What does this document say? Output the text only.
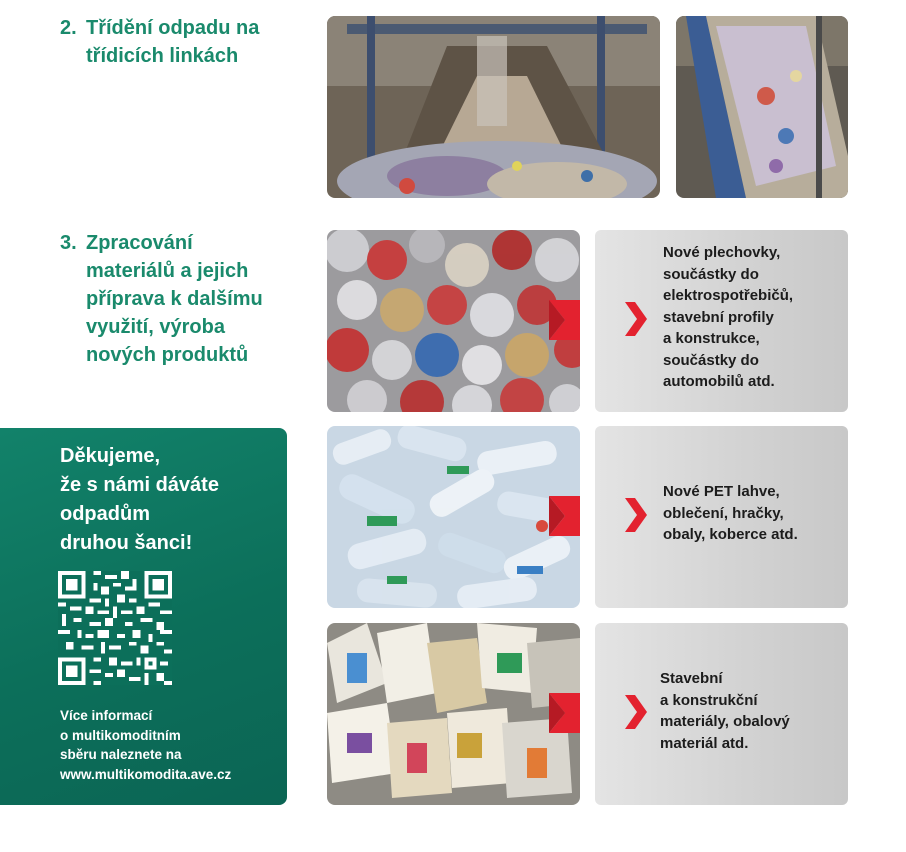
2. Třídění odpadu na
třídicích linkách
3. Zpracování
materiálů a jejich
příprava k dalšímu
využití, výroba
nových produktů
Nové plechovky,
součástky do
elektrospotřebičů,
stavební profily
a konstrukce,
součástky do
automobilů atd.
Nové PET lahve,
oblečení, hračky,
obaly, koberce atd.
Stavební
a konstrukční
materiály, obalový
materiál atd.

Děkujeme,
že s námi dáváte
odpadům
druhou šanci!

Více informací
o multikomoditním
sběru naleznete na
www.multikomodita.ave.cz
